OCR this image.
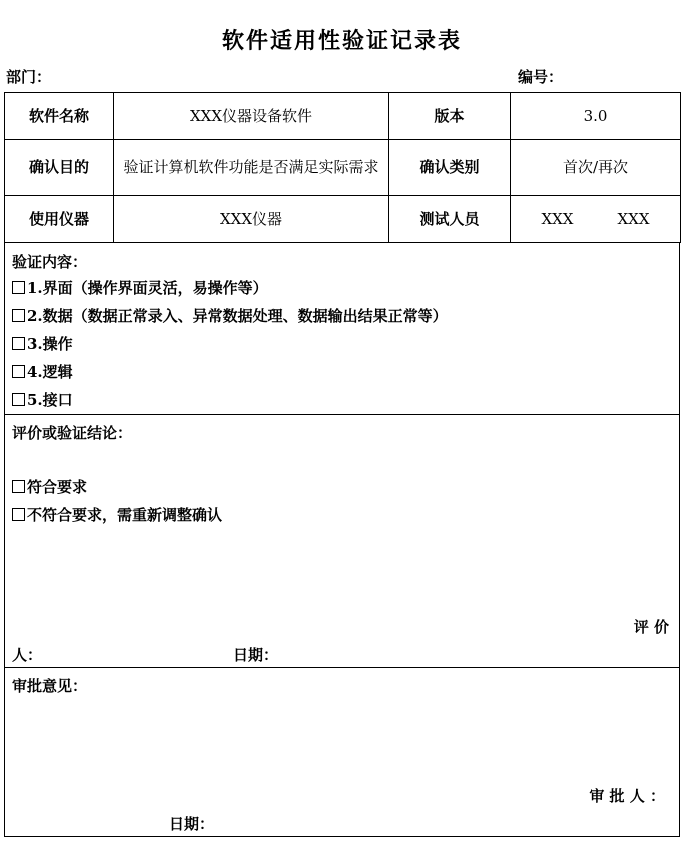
软件适用性验证记录表
部门：	编号：
软件名称	XXX仪器设备软件	版本	3.0
确认目的	验证计算机软件功能是否满足实际需求	确认类别	首次/再次
使用仪器	XXX仪器	测试人员	XXX XXX
验证内容：
1.界面（操作界面灵活，易操作等）
2.数据（数据正常录入、异常数据处理、数据输出结果正常等）
3.操作
4.逻辑
5.接口
评价或验证结论：
符合要求
不符合要求，需重新调整确认
评 价
人：	日期：
审批意见：
审 批 人 ：
日期：
